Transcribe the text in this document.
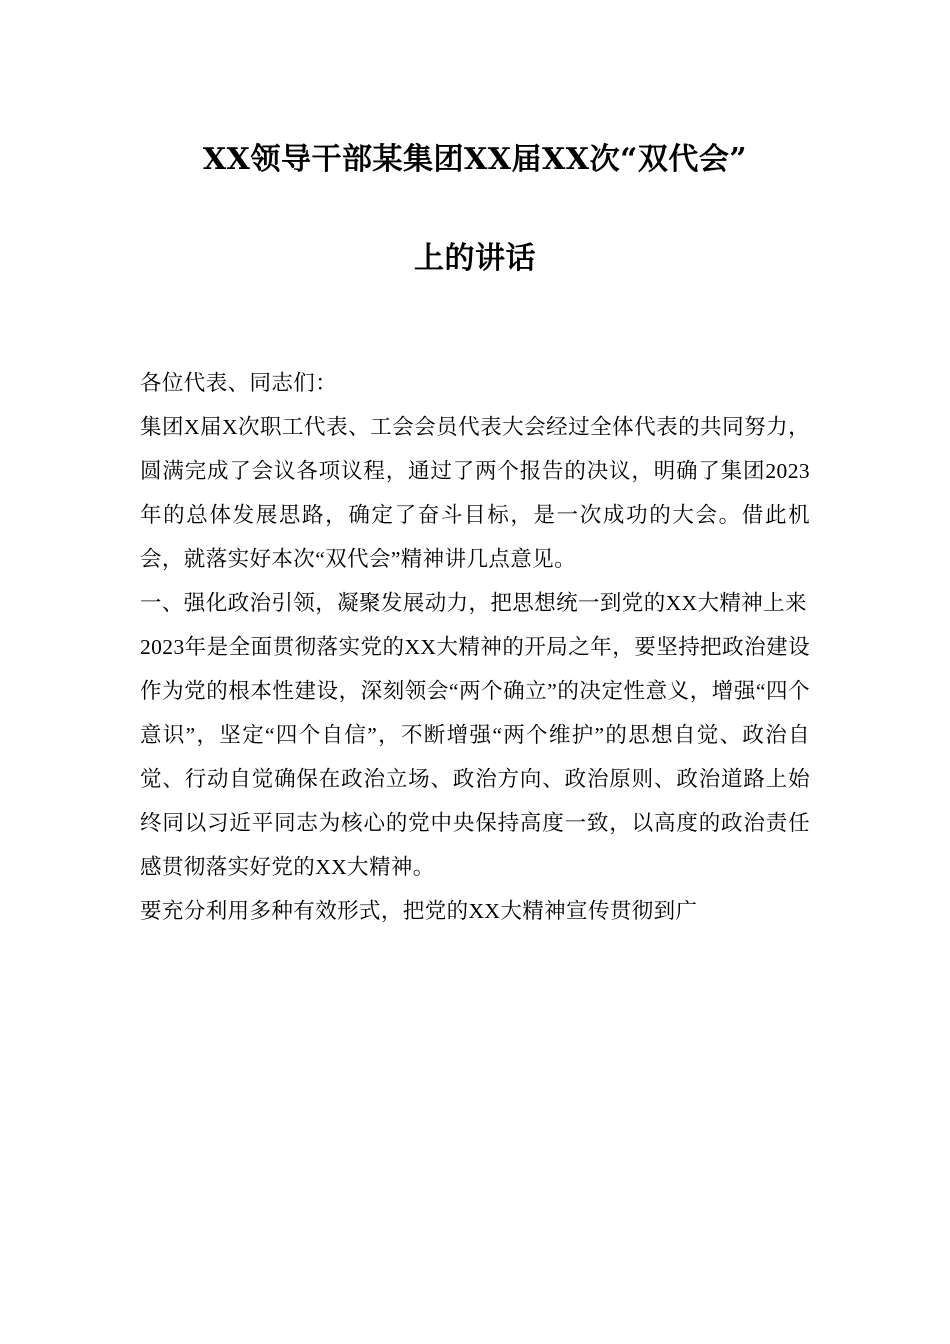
XX领导干部某集团XX届XX次“双代会”
上的讲话

各位代表、同志们：

集团X届X次职工代表、工会会员代表大会经过全体代表的共同努力，圆满完成了会议各项议程，通过了两个报告的决议，明确了集团2023年的总体发展思路，确定了奋斗目标，是一次成功的大会。借此机会，就落实好本次“双代会”精神讲几点意见。

一、强化政治引领，凝聚发展动力，把思想统一到党的XX大精神上来

2023年是全面贯彻落实党的XX大精神的开局之年，要坚持把政治建设作为党的根本性建设，深刻领会“两个确立”的决定性意义，增强“四个意识”，坚定“四个自信”，不断增强“两个维护”的思想自觉、政治自觉、行动自觉确保在政治立场、政治方向、政治原则、政治道路上始终同以习近平同志为核心的党中央保持高度一致，以高度的政治责任感贯彻落实好党的XX大精神。

要充分利用多种有效形式，把党的XX大精神宣传贯彻到广
